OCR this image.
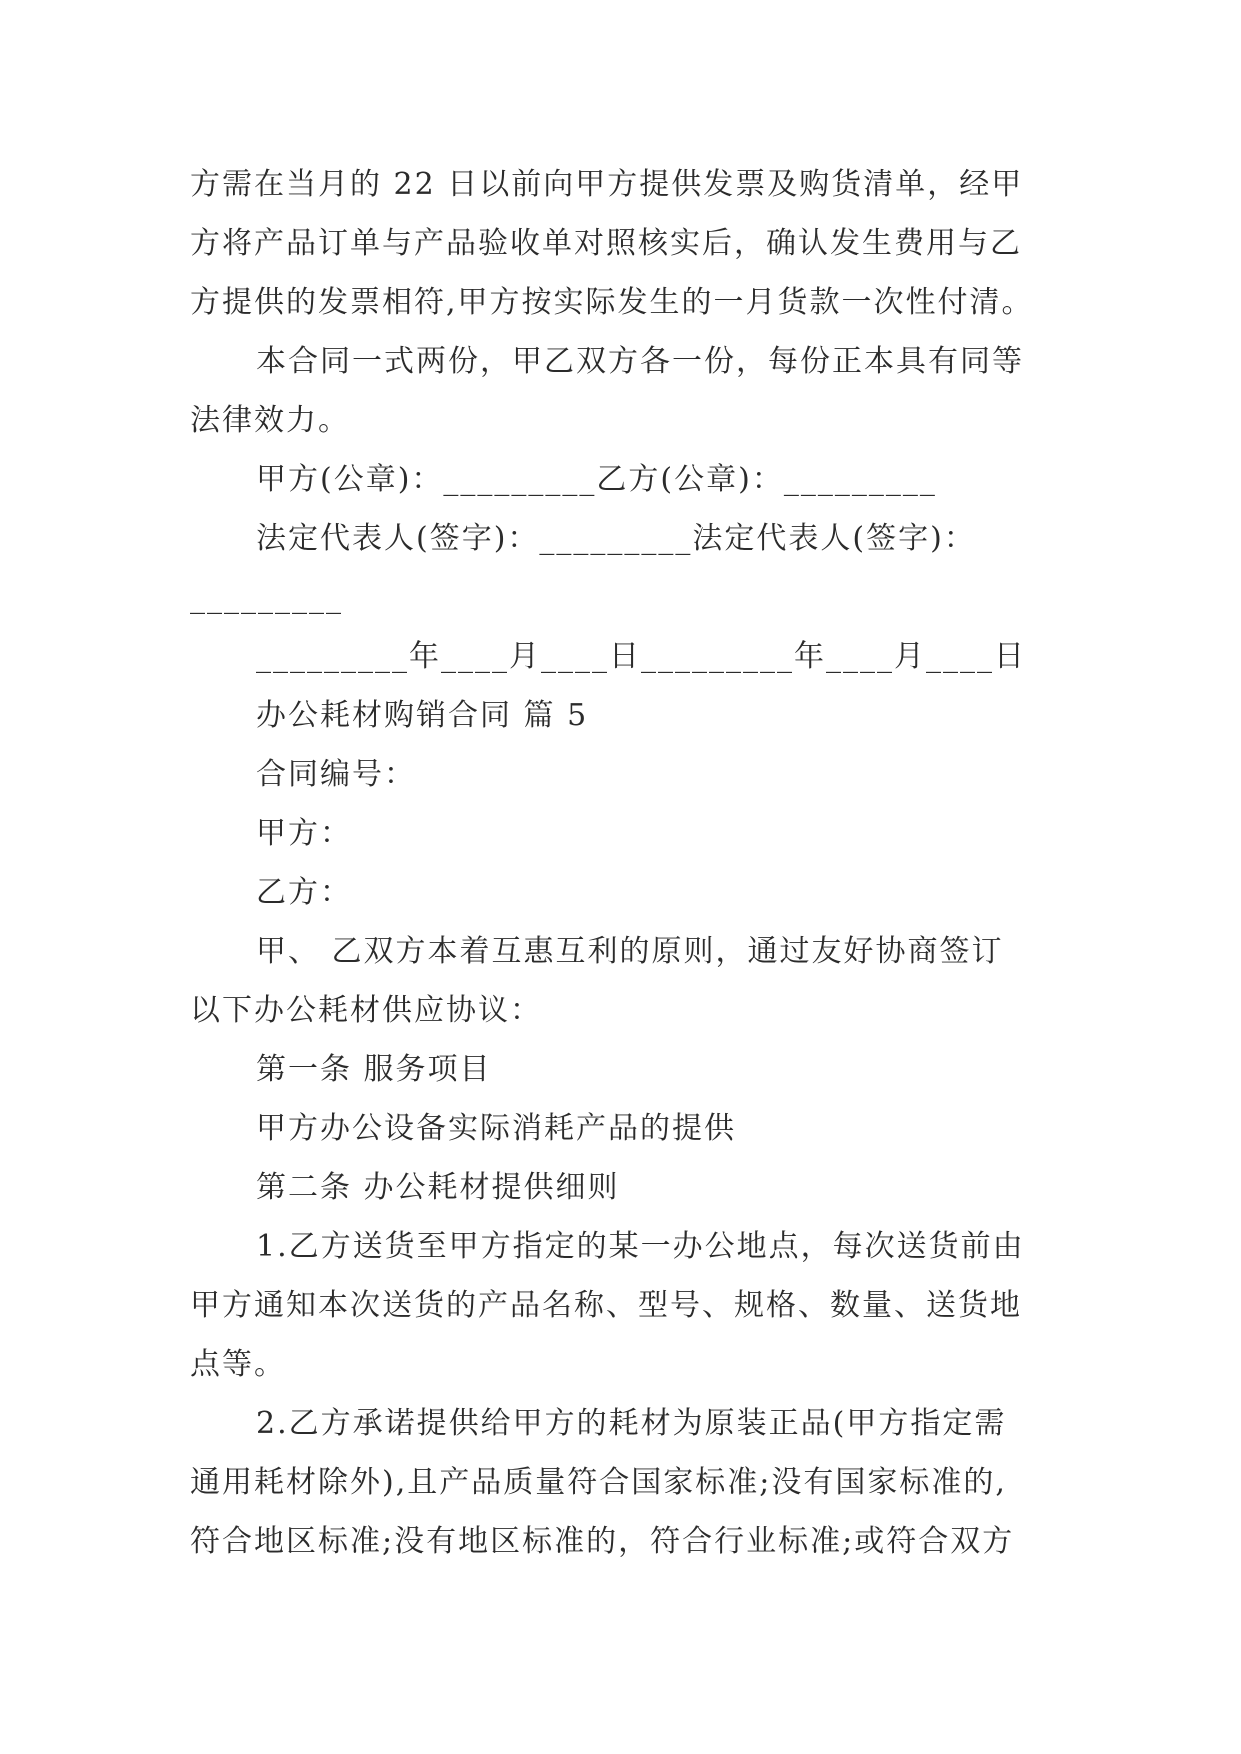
方需在当月的 22 日以前向甲方提供发票及购货清单，经甲
方将产品订单与产品验收单对照核实后，确认发生费用与乙
方提供的发票相符,甲方按实际发生的一月货款一次性付清。
本合同一式两份，甲乙双方各一份，每份正本具有同等
法律效力。
甲方(公章)：_________乙方(公章)：_________
法定代表人(签字)：_________法定代表人(签字)：
_________
_________年____月____日_________年____月____日
办公耗材购销合同 篇 5
合同编号：
甲方：
乙方：
甲、 乙双方本着互惠互利的原则，通过友好协商签订
以下办公耗材供应协议：
第一条 服务项目
甲方办公设备实际消耗产品的提供
第二条 办公耗材提供细则
1.乙方送货至甲方指定的某一办公地点，每次送货前由
甲方通知本次送货的产品名称、型号、规格、数量、送货地
点等。
2.乙方承诺提供给甲方的耗材为原装正品(甲方指定需
通用耗材除外),且产品质量符合国家标准;没有国家标准的,
符合地区标准;没有地区标准的，符合行业标准;或符合双方
